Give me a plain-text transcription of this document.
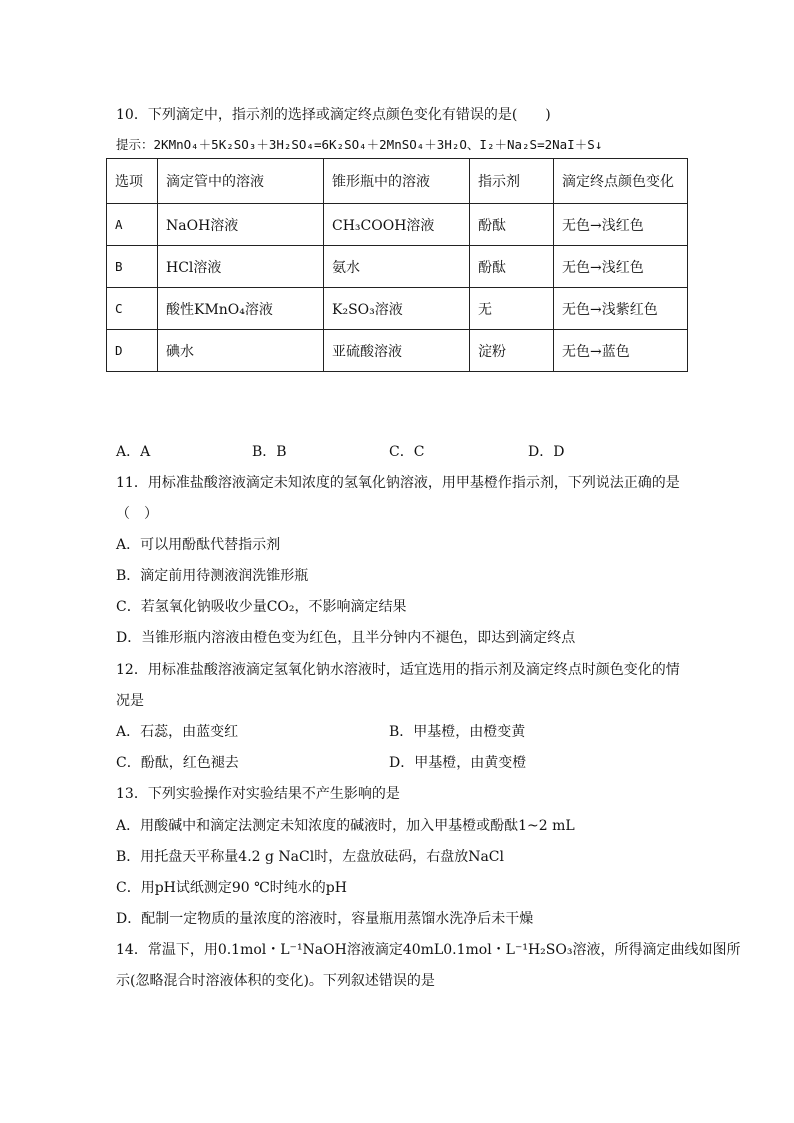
10．下列滴定中，指示剂的选择或滴定终点颜色变化有错误的是(　　)
提示：2KMnO₄＋5K₂SO₃＋3H₂SO₄=6K₂SO₄＋2MnSO₄＋3H₂O、I₂＋Na₂S=2NaI＋S↓
选项	滴定管中的溶液	锥形瓶中的溶液	指示剂	滴定终点颜色变化
A	NaOH溶液	CH₃COOH溶液	酚酞	无色→浅红色
B	HCl溶液	氨水	酚酞	无色→浅红色
C	酸性KMnO₄溶液	K₂SO₃溶液	无	无色→浅紫红色
D	碘水	亚硫酸溶液	淀粉	无色→蓝色
A．A	B．B	C．C	D．D
11．用标准盐酸溶液滴定未知浓度的氢氧化钠溶液，用甲基橙作指示剂，下列说法正确的是
（　）
A．可以用酚酞代替指示剂
B．滴定前用待测液润洗锥形瓶
C．若氢氧化钠吸收少量CO₂，不影响滴定结果
D．当锥形瓶内溶液由橙色变为红色，且半分钟内不褪色，即达到滴定终点
12．用标准盐酸溶液滴定氢氧化钠水溶液时，适宜选用的指示剂及滴定终点时颜色变化的情
况是
A．石蕊，由蓝变红	B．甲基橙，由橙变黄
C．酚酞，红色褪去	D．甲基橙，由黄变橙
13．下列实验操作对实验结果不产生影响的是
A．用酸碱中和滴定法测定未知浓度的碱液时，加入甲基橙或酚酞1~2 mL
B．用托盘天平称量4.2 g NaCl时，左盘放砝码，右盘放NaCl
C．用pH试纸测定90 ℃时纯水的pH
D．配制一定物质的量浓度的溶液时，容量瓶用蒸馏水洗净后未干燥
14．常温下，用0.1mol・L⁻¹NaOH溶液滴定40mL0.1mol・L⁻¹H₂SO₃溶液，所得滴定曲线如图所
示(忽略混合时溶液体积的变化)。下列叙述错误的是
